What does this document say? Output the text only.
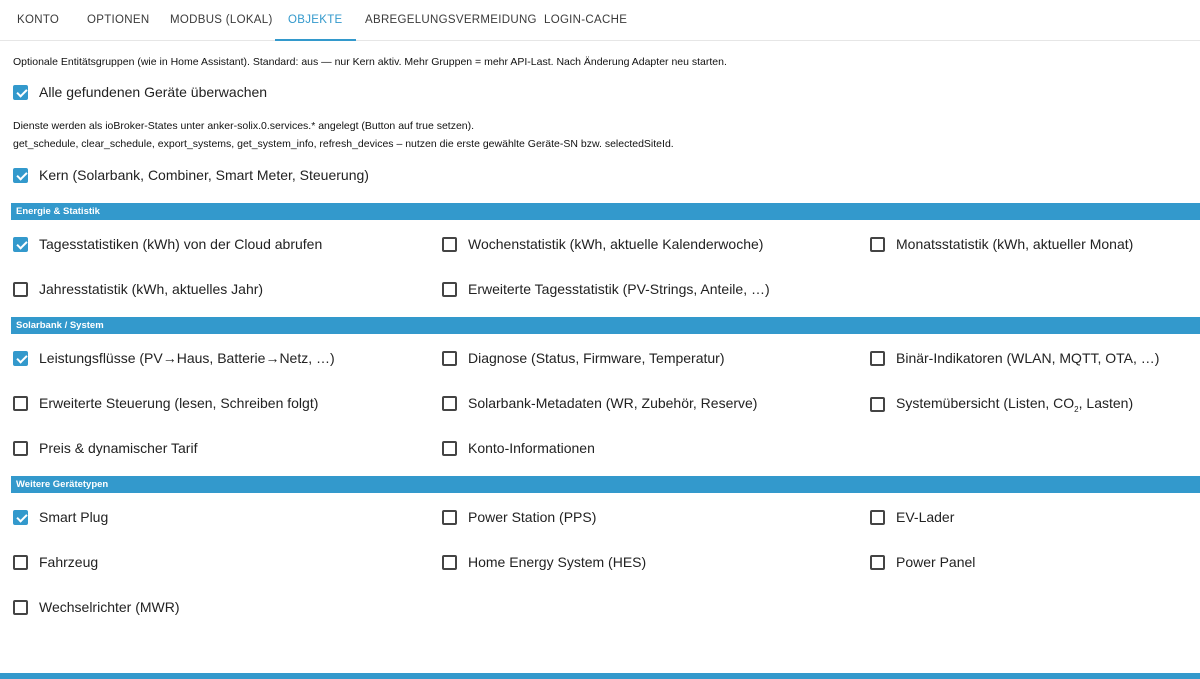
KONTO OPTIONEN MODBUS (LOKAL)	OBJEKTE	ABREGELUNGSVERMEIDUNG LOGIN-CACHE
Optionale Entitätsgruppen (wie in Home Assistant). Standard: aus — nur Kern aktiv. Mehr Gruppen = mehr API-Last. Nach Änderung Adapter neu starten.
Alle gefundenen Geräte überwachen
Dienste werden als ioBroker-States unter anker-solix.0.services.* angelegt (Button auf true setzen).
get_schedule, clear_schedule, export_systems, get_system_info, refresh_devices – nutzen die erste gewählte Geräte-SN bzw. selectedSiteId.
Kern (Solarbank, Combiner, Smart Meter, Steuerung)
Energie & Statistik
Tagesstatistiken (kWh) von der Cloud abrufen	Wochenstatistik (kWh, aktuelle Kalenderwoche)	Monatsstatistik (kWh, aktueller Monat)
Jahresstatistik (kWh, aktuelles Jahr)	Erweiterte Tagesstatistik (PV-Strings, Anteile, …)
Solarbank / System
Leistungsflüsse (PV→Haus, Batterie→Netz, …)	Diagnose (Status, Firmware, Temperatur)	Binär-Indikatoren (WLAN, MQTT, OTA, …)
Erweiterte Steuerung (lesen, Schreiben folgt)	Solarbank-Metadaten (WR, Zubehör, Reserve)	Systemübersicht (Listen, $CO_2$, Lasten)
Preis & dynamischer Tarif	Konto-Informationen
Weitere Gerätetypen
Smart Plug	Power Station (PPS)	EV-Lader
Fahrzeug	Home Energy System (HES)	Power Panel
Wechselrichter (MWR)
